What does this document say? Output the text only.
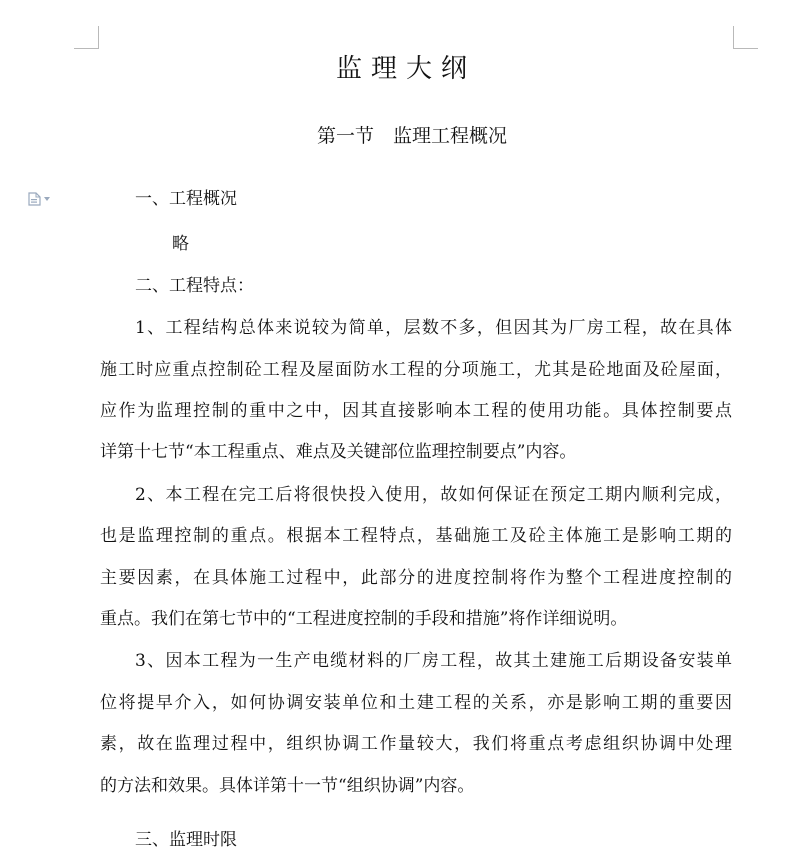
监理大纲
第一节　监理工程概况
一、工程概况
略
二、工程特点：
1、工程结构总体来说较为简单，层数不多，但因其为厂房工程，故在具体
施工时应重点控制砼工程及屋面防水工程的分项施工，尤其是砼地面及砼屋面，
应作为监理控制的重中之中，因其直接影响本工程的使用功能。具体控制要点
详第十七节“本工程重点、难点及关键部位监理控制要点”内容。
2、本工程在完工后将很快投入使用，故如何保证在预定工期内顺利完成，
也是监理控制的重点。根据本工程特点，基础施工及砼主体施工是影响工期的
主要因素，在具体施工过程中，此部分的进度控制将作为整个工程进度控制的
重点。我们在第七节中的“工程进度控制的手段和措施”将作详细说明。
3、因本工程为一生产电缆材料的厂房工程，故其土建施工后期设备安装单
位将提早介入，如何协调安装单位和土建工程的关系，亦是影响工期的重要因
素，故在监理过程中，组织协调工作量较大，我们将重点考虑组织协调中处理
的方法和效果。具体详第十一节“组织协调”内容。
三、监理时限
